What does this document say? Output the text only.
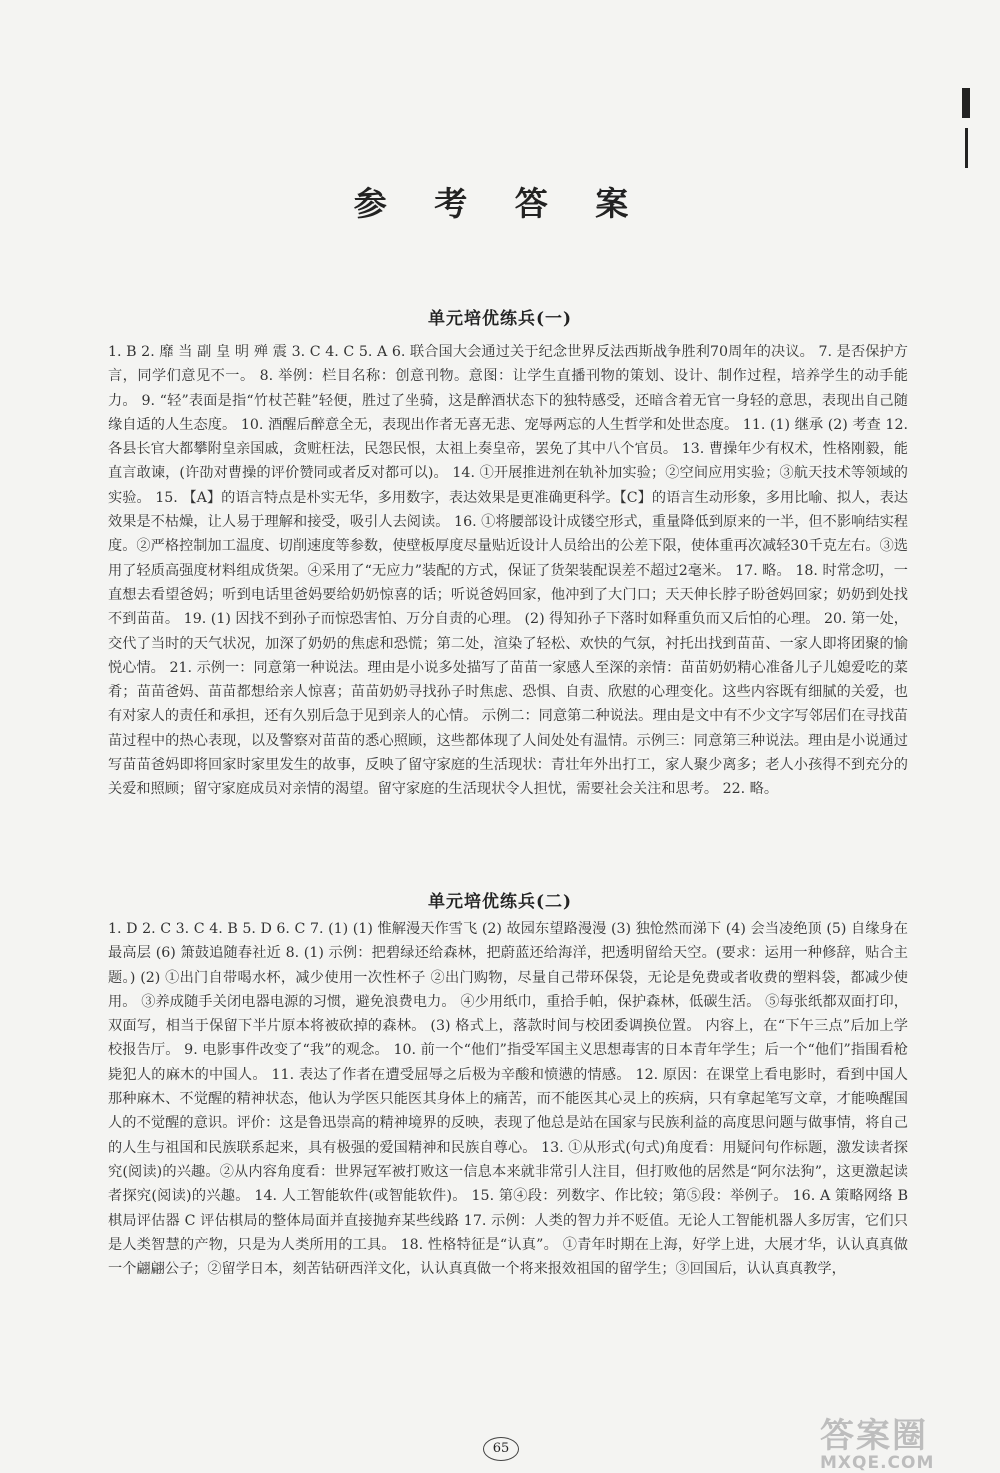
参 考 答 案
单元培优练兵(一)
1. B 2. 靡 当 副 皇 明 殚 震 3. C 4. C 5. A 6. 联合国大会通过关于纪念世界反法西斯战争胜利70周年的决议。 7. 是否保护方言，同学们意见不一。 8. 举例：栏目名称：创意刊物。意图：让学生直播刊物的策划、设计、制作过程，培养学生的动手能力。 9. “轻”表面是指“竹杖芒鞋”轻便，胜过了坐骑，这是醉酒状态下的独特感受，还暗含着无官一身轻的意思，表现出自己随缘自适的人生态度。 10. 酒醒后醉意全无，表现出作者无喜无悲、宠辱两忘的人生哲学和处世态度。 11. (1) 继承 (2) 考查 12. 各县长官大都攀附皇亲国戚，贪赃枉法，民怨民恨，太祖上奏皇帝，罢免了其中八个官员。 13. 曹操年少有权术，性格刚毅，能直言敢谏，(许劭对曹操的评价赞同或者反对都可以)。 14. ①开展推进剂在轨补加实验；②空间应用实验；③航天技术等领域的实验。 15. 【A】的语言特点是朴实无华，多用数字，表达效果是更准确更科学。【C】的语言生动形象，多用比喻、拟人，表达效果是不枯燥，让人易于理解和接受，吸引人去阅读。 16. ①将腰部设计成镂空形式，重量降低到原来的一半，但不影响结实程度。②严格控制加工温度、切削速度等参数，使壁板厚度尽量贴近设计人员给出的公差下限，使体重再次减轻30千克左右。③选用了轻质高强度材料组成货架。④采用了“无应力”装配的方式，保证了货架装配误差不超过2毫米。 17. 略。 18. 时常念叨，一直想去看望爸妈；听到电话里爸妈要给奶奶惊喜的话；听说爸妈回家，他冲到了大门口；天天伸长脖子盼爸妈回家；奶奶到处找不到苗苗。 19. (1) 因找不到孙子而惊恐害怕、万分自责的心理。 (2) 得知孙子下落时如释重负而又后怕的心理。 20. 第一处，交代了当时的天气状况，加深了奶奶的焦虑和恐慌；第二处，渲染了轻松、欢快的气氛，衬托出找到苗苗、一家人即将团聚的愉悦心情。 21. 示例一：同意第一种说法。理由是小说多处描写了苗苗一家感人至深的亲情：苗苗奶奶精心准备儿子儿媳爱吃的菜肴；苗苗爸妈、苗苗都想给亲人惊喜；苗苗奶奶寻找孙子时焦虑、恐惧、自责、欣慰的心理变化。这些内容既有细腻的关爱，也有对家人的责任和承担，还有久别后急于见到亲人的心情。 示例二：同意第二种说法。理由是文中有不少文字写邻居们在寻找苗苗过程中的热心表现，以及警察对苗苗的悉心照顾，这些都体现了人间处处有温情。示例三：同意第三种说法。理由是小说通过写苗苗爸妈即将回家时家里发生的故事，反映了留守家庭的生活现状：青壮年外出打工，家人聚少离多；老人小孩得不到充分的关爱和照顾；留守家庭成员对亲情的渴望。留守家庭的生活现状令人担忧，需要社会关注和思考。 22. 略。
单元培优练兵(二)
1. D 2. C 3. C 4. B 5. D 6. C 7. (1) (1) 惟解漫天作雪飞 (2) 故园东望路漫漫 (3) 独怆然而涕下 (4) 会当凌绝顶 (5) 自缘身在最高层 (6) 箫鼓追随春社近 8. (1) 示例：把碧绿还给森林，把蔚蓝还给海洋，把透明留给天空。(要求：运用一种修辞，贴合主题。) (2) ①出门自带喝水杯，减少使用一次性杯子 ②出门购物，尽量自己带环保袋，无论是免费或者收费的塑料袋，都减少使用。 ③养成随手关闭电器电源的习惯，避免浪费电力。 ④少用纸巾，重拾手帕，保护森林，低碳生活。 ⑤每张纸都双面打印，双面写，相当于保留下半片原本将被砍掉的森林。 (3) 格式上，落款时间与校团委调换位置。 内容上，在“下午三点”后加上学校报告厅。 9. 电影事件改变了“我”的观念。 10. 前一个“他们”指受军国主义思想毒害的日本青年学生；后一个“他们”指围看枪毙犯人的麻木的中国人。 11. 表达了作者在遭受屈辱之后极为辛酸和愤懑的情感。 12. 原因：在课堂上看电影时，看到中国人那种麻木、不觉醒的精神状态，他认为学医只能医其身体上的痛苦，而不能医其心灵上的疾病，只有拿起笔写文章，才能唤醒国人的不觉醒的意识。评价：这是鲁迅崇高的精神境界的反映，表现了他总是站在国家与民族利益的高度思问题与做事情，将自己的人生与祖国和民族联系起来，具有极强的爱国精神和民族自尊心。 13. ①从形式(句式)角度看：用疑问句作标题，激发读者探究(阅读)的兴趣。②从内容角度看：世界冠军被打败这一信息本来就非常引人注目，但打败他的居然是“阿尔法狗”，这更激起读者探究(阅读)的兴趣。 14. 人工智能软件(或智能软件)。 15. 第④段：列数字、作比较；第⑤段：举例子。 16. A 策略网络 B 棋局评估器 C 评估棋局的整体局面并直接抛弃某些线路 17. 示例：人类的智力并不贬值。无论人工智能机器人多厉害，它们只是人类智慧的产物，只是为人类所用的工具。 18. 性格特征是“认真”。 ①青年时期在上海，好学上进，大展才华，认认真真做一个翩翩公子；②留学日本，刻苦钻研西洋文化，认认真真做一个将来报效祖国的留学生；③回国后，认认真真教学，
65	答案圈
MXQE.COM
